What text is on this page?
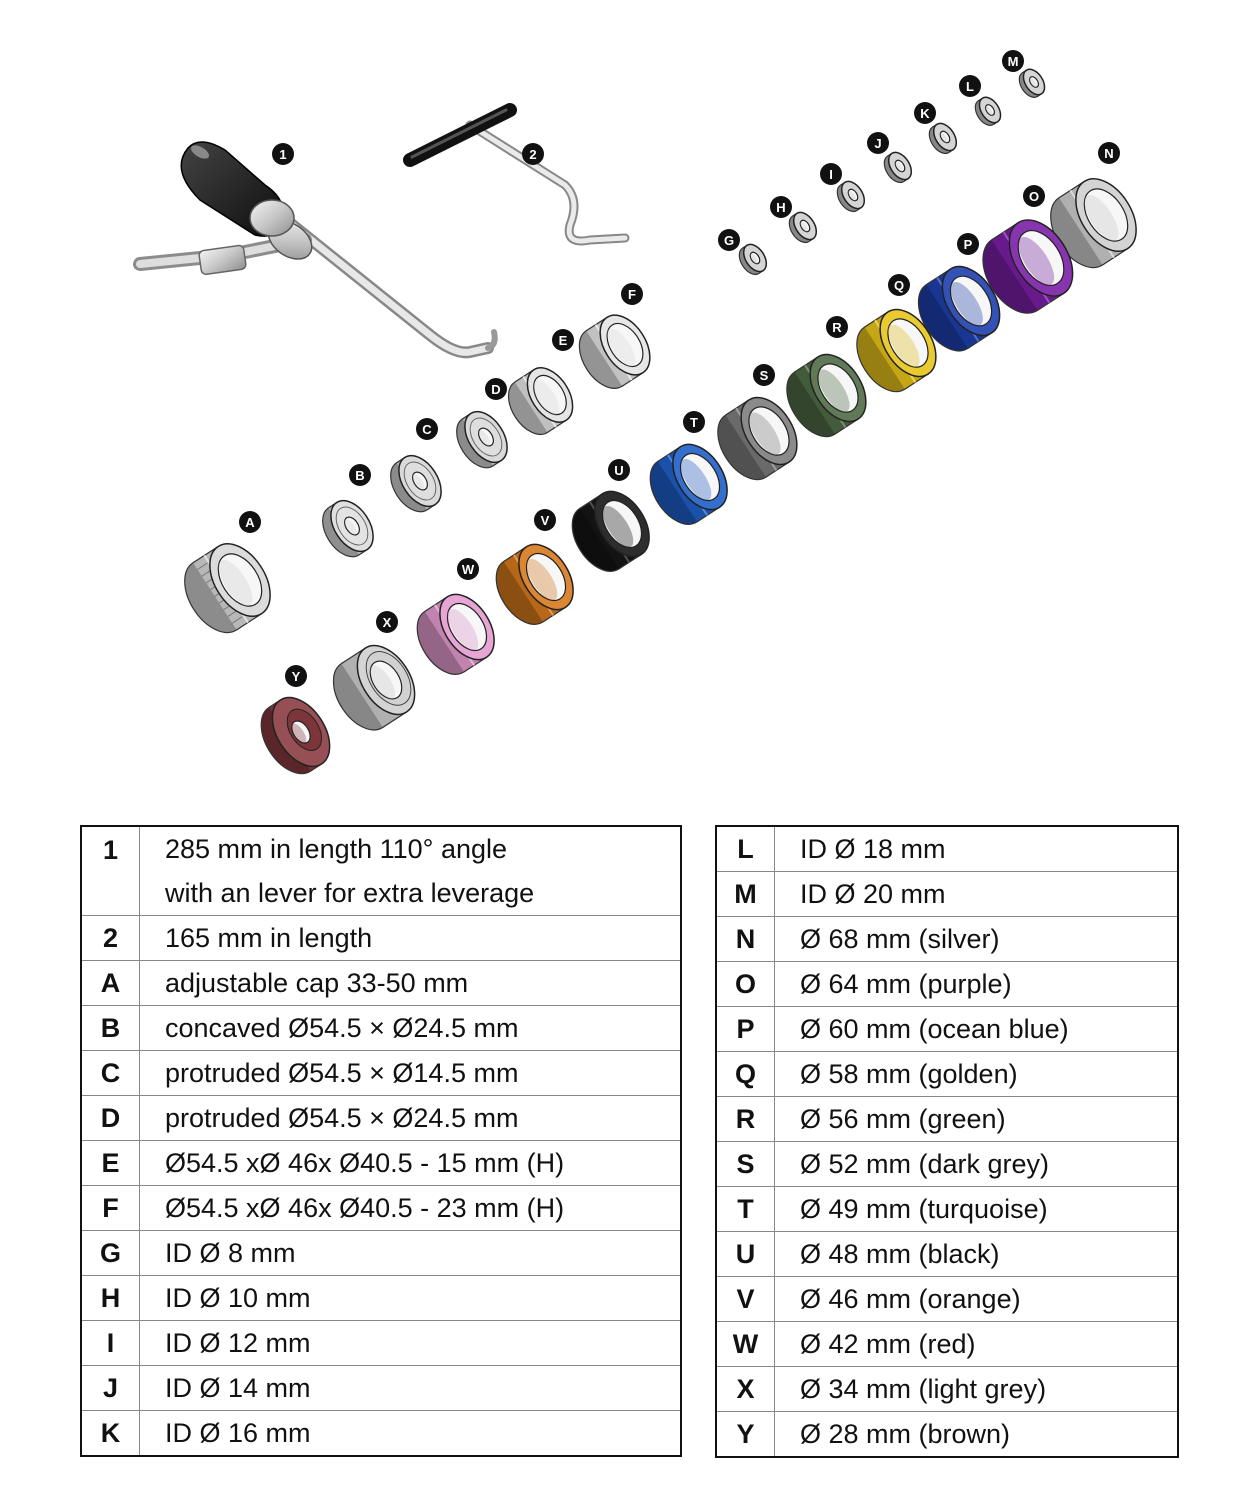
1	2
A
B
C
D
E
F
G
H
I
J
K
L
M
N
O
P
Q
R
S
T
U
V
W
X
Y
1	285 mm in length 110° angle
with an lever for extra leverage

2	165 mm in length

A	adjustable cap 33-50 mm

B	concaved Ø54.5 × Ø24.5 mm

C	protruded Ø54.5 × Ø14.5 mm

D	protruded Ø54.5 × Ø24.5 mm

E	Ø54.5 xØ 46x Ø40.5 - 15 mm (H)

F	Ø54.5 xØ 46x Ø40.5 - 23 mm (H)

G	ID Ø 8 mm

H	ID Ø 10 mm

I	ID Ø 12 mm

J	ID Ø 14 mm

K	ID Ø 16 mm
L	ID Ø 18 mm

M	ID Ø 20 mm

N	Ø 68 mm (silver)

O	Ø 64 mm (purple)

P	Ø 60 mm (ocean blue)

Q	Ø 58 mm (golden)

R	Ø 56 mm (green)

S	Ø 52 mm (dark grey)

T	Ø 49 mm (turquoise)

U	Ø 48 mm (black)

V	Ø 46 mm (orange)

W	Ø 42 mm (red)

X	Ø 34 mm (light grey)

Y	Ø 28 mm (brown)
